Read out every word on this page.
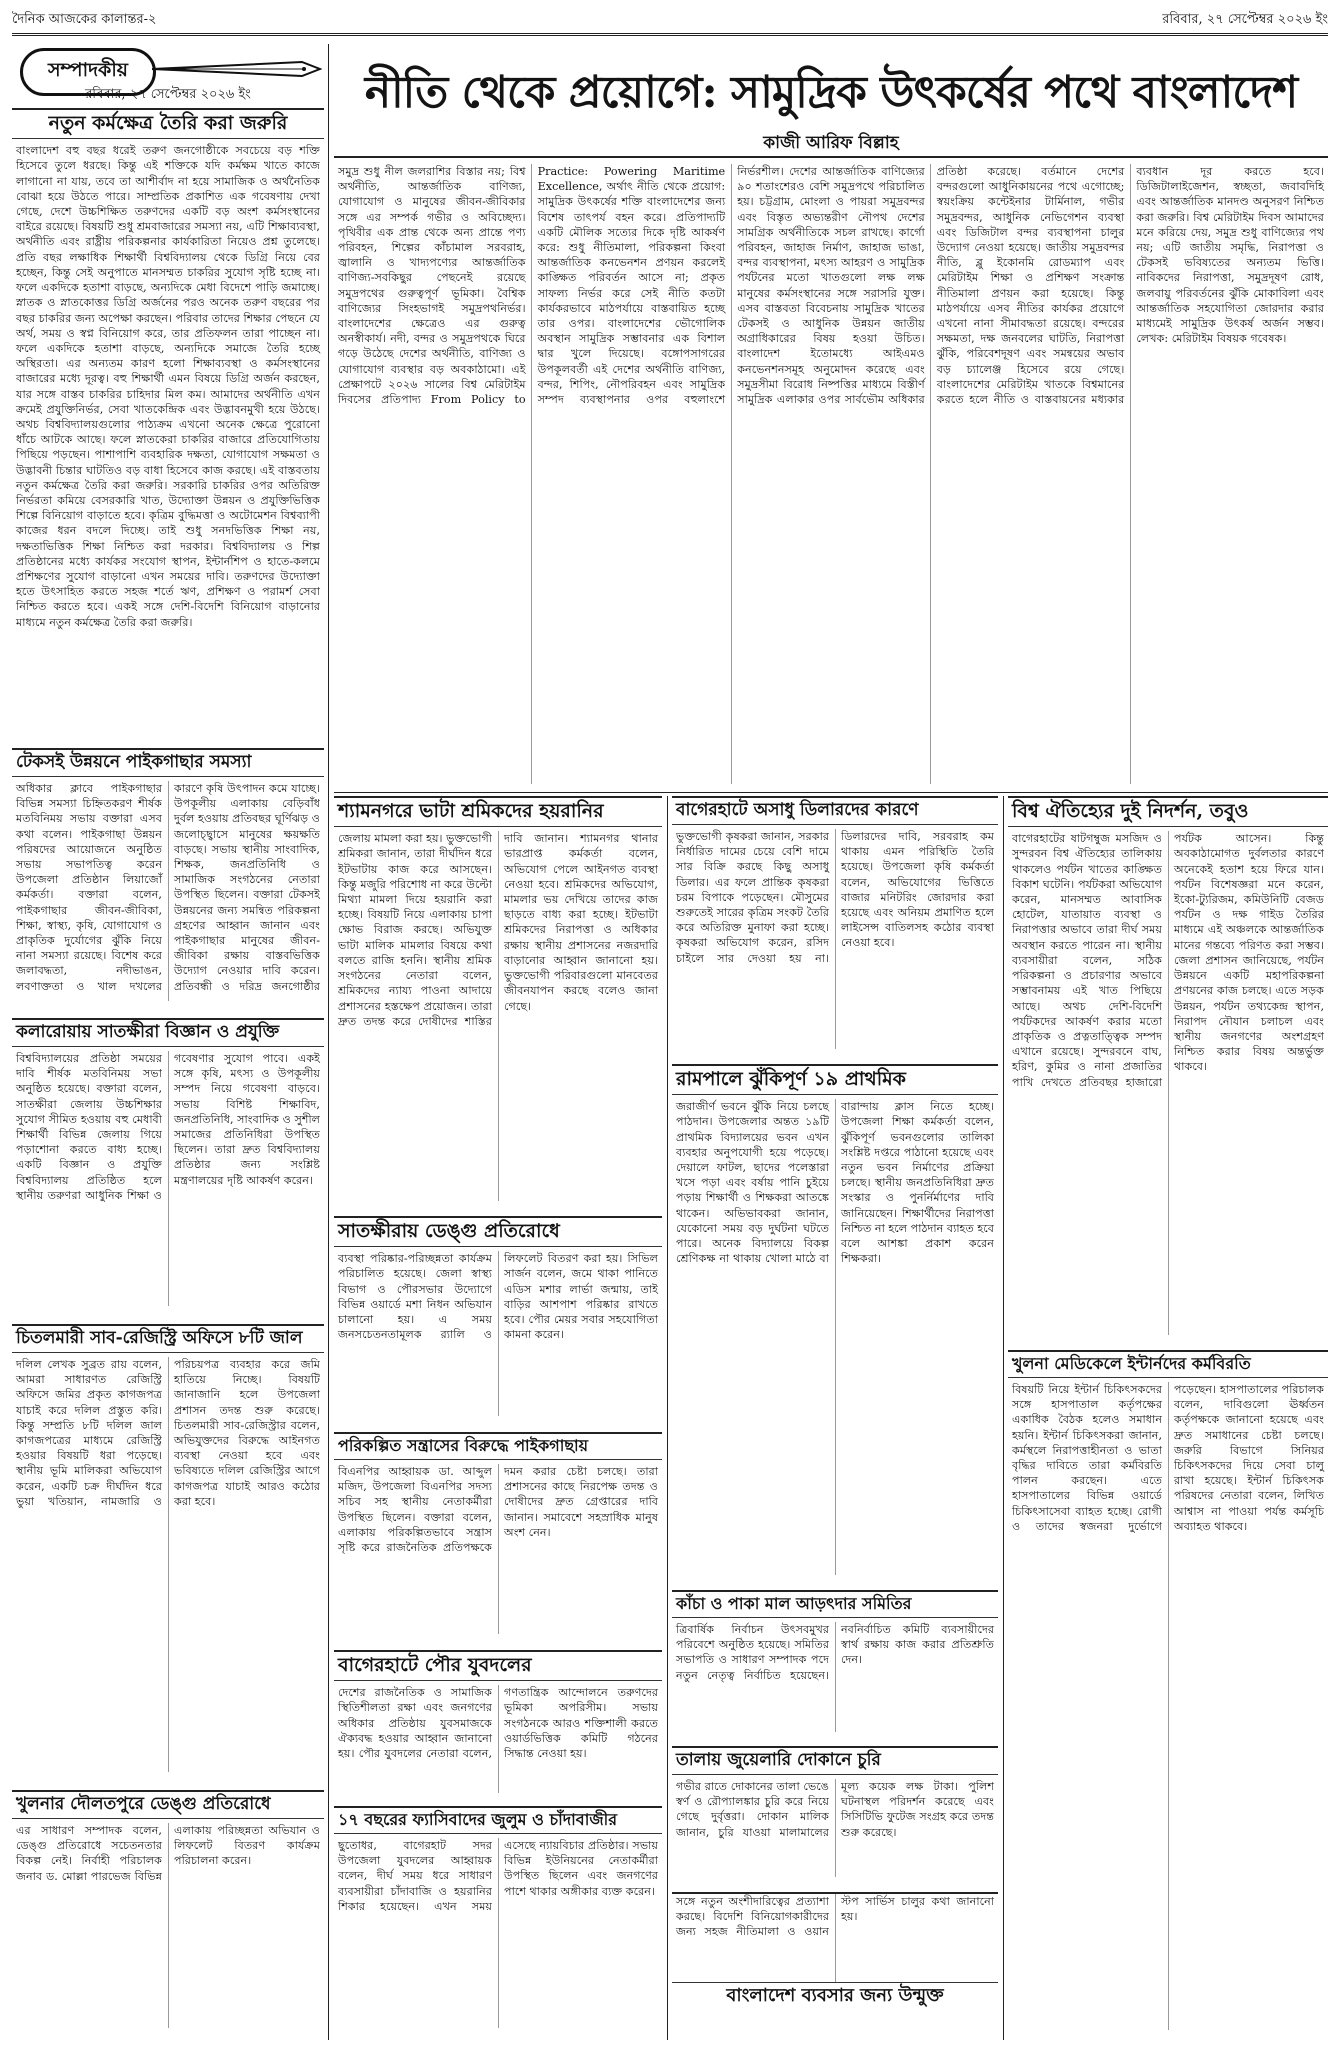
দৈনিক আজকের কালান্তর-২	রবিবার, ২৭ সেপ্টেম্বর ২০২৬ ইং
সম্পাদকীয়
রবিবার, ২৭ সেপ্টেম্বর ২০২৬ ইং	নীতি থেকে প্রয়োগে: সামুদ্রিক উৎকর্ষের পথে বাংলাদেশ
কাজী আরিফ বিল্লাহ
নতুন কর্মক্ষেত্র তৈরি করা জরুরি

বাংলাদেশ বহু বছর ধরেই তরুণ জনগোষ্ঠীকে সবচেয়ে বড় শক্তি হিসেবে তুলে ধরছে। কিন্তু এই শক্তিকে যদি কর্মক্ষম খাতে কাজে লাগানো না যায়, তবে তা আশীর্বাদ না হয়ে সামাজিক ও অর্থনৈতিক বোঝা হয়ে উঠতে পারে। সাম্প্রতিক প্রকাশিত এক গবেষণায় দেখা গেছে, দেশে উচ্চশিক্ষিত তরুণদের একটি বড় অংশ কর্মসংস্থানের বাইরে রয়েছে। বিষয়টি শুধু শ্রমবাজারের সমস্যা নয়, এটি শিক্ষাব্যবস্থা, অর্থনীতি এবং রাষ্ট্রীয় পরিকল্পনার কার্যকারিতা নিয়েও প্রশ্ন তুলেছে। প্রতি বছর লক্ষাধিক শিক্ষার্থী বিশ্ববিদ্যালয় থেকে ডিগ্রি নিয়ে বের হচ্ছেন, কিন্তু সেই অনুপাতে মানসম্মত চাকরির সুযোগ সৃষ্টি হচ্ছে না। ফলে একদিকে হতাশা বাড়ছে, অন্যদিকে মেধা বিদেশে পাড়ি জমাচ্ছে। স্নাতক ও স্নাতকোত্তর ডিগ্রি অর্জনের পরও অনেক তরুণ বছরের পর বছর চাকরির জন্য অপেক্ষা করছেন। পরিবার তাদের শিক্ষার পেছনে যে অর্থ, সময় ও স্বপ্ন বিনিয়োগ করে, তার প্রতিফলন তারা পাচ্ছেন না। ফলে একদিকে হতাশা বাড়ছে, অন্যদিকে সমাজে তৈরি হচ্ছে অস্থিরতা। এর অন্যতম কারণ হলো শিক্ষাব্যবস্থা ও কর্মসংস্থানের বাজারের মধ্যে দূরত্ব। বহু শিক্ষার্থী এমন বিষয়ে ডিগ্রি অর্জন করছেন, যার সঙ্গে বাস্তব চাকরির চাহিদার মিল কম। আমাদের অর্থনীতি এখন ক্রমেই প্রযুক্তিনির্ভর, সেবা খাতকেন্দ্রিক এবং উদ্ভাবনমুখী হয়ে উঠছে। অথচ বিশ্ববিদ্যালয়গুলোর পাঠ্যক্রম এখনো অনেক ক্ষেত্রে পুরোনো ধাঁচে আটকে আছে। ফলে স্নাতকেরা চাকরির বাজারে প্রতিযোগিতায় পিছিয়ে পড়ছেন। পাশাপাশি ব্যবহারিক দক্ষতা, যোগাযোগ সক্ষমতা ও উদ্ভাবনী চিন্তার ঘাটতিও বড় বাধা হিসেবে কাজ করছে। এই বাস্তবতায় নতুন কর্মক্ষেত্র তৈরি করা জরুরি। সরকারি চাকরির ওপর অতিরিক্ত নির্ভরতা কমিয়ে বেসরকারি খাত, উদ্যোক্তা উন্নয়ন ও প্রযুক্তিভিত্তিক শিল্পে বিনিয়োগ বাড়াতে হবে। কৃত্রিম বুদ্ধিমত্তা ও অটোমেশন বিশ্বব্যাপী কাজের ধরন বদলে দিচ্ছে। তাই শুধু সনদভিত্তিক শিক্ষা নয়, দক্ষতাভিত্তিক শিক্ষা নিশ্চিত করা দরকার। বিশ্ববিদ্যালয় ও শিল্প প্রতিষ্ঠানের মধ্যে কার্যকর সংযোগ স্থাপন, ইন্টার্নশিপ ও হাতে-কলমে প্রশিক্ষণের সুযোগ বাড়ানো এখন সময়ের দাবি। তরুণদের উদ্যোক্তা হতে উৎসাহিত করতে সহজ শর্তে ঋণ, প্রশিক্ষণ ও পরামর্শ সেবা নিশ্চিত করতে হবে। একই সঙ্গে দেশি-বিদেশি বিনিয়োগ বাড়ানোর মাধ্যমে নতুন কর্মক্ষেত্র তৈরি করা জরুরি।

সমুদ্র শুধু নীল জলরাশির বিস্তার নয়; বিশ্ব অর্থনীতি, আন্তর্জাতিক বাণিজ্য, যোগাযোগ ও মানুষের জীবন-জীবিকার সঙ্গে এর সম্পর্ক গভীর ও অবিচ্ছেদ্য। পৃথিবীর এক প্রান্ত থেকে অন্য প্রান্তে পণ্য পরিবহন, শিল্পের কাঁচামাল সরবরাহ, জ্বালানি ও খাদ্যপণ্যের আন্তর্জাতিক বাণিজ্য-সবকিছুর পেছনেই রয়েছে সমুদ্রপথের গুরুত্বপূর্ণ ভূমিকা। বৈশ্বিক বাণিজ্যের সিংহভাগই সমুদ্রপথনির্ভর। বাংলাদেশের ক্ষেত্রেও এর গুরুত্ব অনস্বীকার্য। নদী, বন্দর ও সমুদ্রপথকে ঘিরে গড়ে উঠেছে দেশের অর্থনীতি, বাণিজ্য ও যোগাযোগ ব্যবস্থার বড় অবকাঠামো। এই প্রেক্ষাপটে ২০২৬ সালের বিশ্ব মেরিটাইম দিবসের প্রতিপাদ্য From Policy to Practice: Powering Maritime Excellence, অর্থাৎ নীতি থেকে প্রয়োগ: সামুদ্রিক উৎকর্ষের শক্তি বাংলাদেশের জন্য বিশেষ তাৎপর্য বহন করে। প্রতিপাদ্যটি একটি মৌলিক সত্যের দিকে দৃষ্টি আকর্ষণ করে: শুধু নীতিমালা, পরিকল্পনা কিংবা আন্তর্জাতিক কনভেনশন প্রণয়ন করলেই কাঙ্ক্ষিত পরিবর্তন আসে না; প্রকৃত সাফল্য নির্ভর করে সেই নীতি কতটা কার্যকরভাবে মাঠপর্যায়ে বাস্তবায়িত হচ্ছে তার ওপর। বাংলাদেশের ভৌগোলিক অবস্থান সামুদ্রিক সম্ভাবনার এক বিশাল দ্বার খুলে দিয়েছে। বঙ্গোপসাগরের উপকূলবর্তী এই দেশের অর্থনীতি বাণিজ্য, বন্দর, শিপিং, নৌপরিবহন এবং সামুদ্রিক সম্পদ ব্যবস্থাপনার ওপর বহুলাংশে নির্ভরশীল। দেশের আন্তর্জাতিক বাণিজ্যের ৯০ শতাংশেরও বেশি সমুদ্রপথে পরিচালিত হয়। চট্টগ্রাম, মোংলা ও পায়রা সমুদ্রবন্দর এবং বিস্তৃত অভ্যন্তরীণ নৌপথ দেশের সামগ্রিক অর্থনীতিকে সচল রাখছে। কার্গো পরিবহন, জাহাজ নির্মাণ, জাহাজ ভাঙা, বন্দর ব্যবস্থাপনা, মৎস্য আহরণ ও সামুদ্রিক পর্যটনের মতো খাতগুলো লক্ষ লক্ষ মানুষের কর্মসংস্থানের সঙ্গে সরাসরি যুক্ত। এসব বাস্তবতা বিবেচনায় সামুদ্রিক খাতের টেকসই ও আধুনিক উন্নয়ন জাতীয় অগ্রাধিকারের বিষয় হওয়া উচিত। বাংলাদেশ ইতোমধ্যে আইএমও কনভেনশনসমূহ অনুমোদন করেছে এবং সমুদ্রসীমা বিরোধ নিষ্পত্তির মাধ্যমে বিস্তীর্ণ সামুদ্রিক এলাকার ওপর সার্বভৌম অধিকার প্রতিষ্ঠা করেছে। বর্তমানে দেশের বন্দরগুলো আধুনিকায়নের পথে এগোচ্ছে; স্বয়ংক্রিয় কন্টেইনার টার্মিনাল, গভীর সমুদ্রবন্দর, আধুনিক নেভিগেশন ব্যবস্থা এবং ডিজিটাল বন্দর ব্যবস্থাপনা চালুর উদ্যোগ নেওয়া হয়েছে। জাতীয় সমুদ্রবন্দর নীতি, ব্লু ইকোনমি রোডম্যাপ এবং মেরিটাইম শিক্ষা ও প্রশিক্ষণ সংক্রান্ত নীতিমালা প্রণয়ন করা হয়েছে। কিন্তু মাঠপর্যায়ে এসব নীতির কার্যকর প্রয়োগে এখনো নানা সীমাবদ্ধতা রয়েছে। বন্দরের সক্ষমতা, দক্ষ জনবলের ঘাটতি, নিরাপত্তা ঝুঁকি, পরিবেশদূষণ এবং সমন্বয়ের অভাব বড় চ্যালেঞ্জ হিসেবে রয়ে গেছে। বাংলাদেশের মেরিটাইম খাতকে বিশ্বমানের করতে হলে নীতি ও বাস্তবায়নের মধ্যকার ব্যবধান দূর করতে হবে। ডিজিটালাইজেশন, স্বচ্ছতা, জবাবদিহি এবং আন্তর্জাতিক মানদণ্ড অনুসরণ নিশ্চিত করা জরুরি। বিশ্ব মেরিটাইম দিবস আমাদের মনে করিয়ে দেয়, সমুদ্র শুধু বাণিজ্যের পথ নয়; এটি জাতীয় সমৃদ্ধি, নিরাপত্তা ও টেকসই ভবিষ্যতের অন্যতম ভিত্তি। নাবিকদের নিরাপত্তা, সমুদ্রদূষণ রোধ, জলবায়ু পরিবর্তনের ঝুঁকি মোকাবিলা এবং আন্তর্জাতিক সহযোগিতা জোরদার করার মাধ্যমেই সামুদ্রিক উৎকর্ষ অর্জন সম্ভব। লেখক: মেরিটাইম বিষয়ক গবেষক।

টেকসই উন্নয়নে পাইকগাছার সমস্যা

অধিকার ক্লাবে পাইকগাছার বিভিন্ন সমস্যা চিহ্নিতকরণ শীর্ষক মতবিনিময় সভায় বক্তারা এসব কথা বলেন। পাইকগাছা উন্নয়ন পরিষদের আয়োজনে অনুষ্ঠিত সভায় সভাপতিত্ব করেন উপজেলা প্রতিষ্ঠান লিয়াজোঁ কর্মকর্তা। বক্তারা বলেন, পাইকগাছার জীবন-জীবিকা, শিক্ষা, স্বাস্থ্য, কৃষি, যোগাযোগ ও প্রাকৃতিক দুর্যোগের ঝুঁকি নিয়ে নানা সমস্যা রয়েছে। বিশেষ করে জলাবদ্ধতা, নদীভাঙন, লবণাক্ততা ও খাল দখলের কারণে কৃষি উৎপাদন কমে যাচ্ছে। উপকূলীয় এলাকায় বেড়িবাঁধ দুর্বল হওয়ায় প্রতিবছর ঘূর্ণিঝড় ও জলোচ্ছ্বাসে মানুষের ক্ষয়ক্ষতি বাড়ছে। সভায় স্থানীয় সাংবাদিক, শিক্ষক, জনপ্রতিনিধি ও সামাজিক সংগঠনের নেতারা উপস্থিত ছিলেন। বক্তারা টেকসই উন্নয়নের জন্য সমন্বিত পরিকল্পনা গ্রহণের আহ্বান জানান এবং পাইকগাছার মানুষের জীবন-জীবিকা রক্ষায় বাস্তবভিত্তিক উদ্যোগ নেওয়ার দাবি করেন। প্রতিবন্ধী ও দরিদ্র জনগোষ্ঠীর

কলারোয়ায় সাতক্ষীরা বিজ্ঞান ও প্রযুক্তি

বিশ্ববিদ্যালয়ের প্রতিষ্ঠা সময়ের দাবি শীর্ষক মতবিনিময় সভা অনুষ্ঠিত হয়েছে। বক্তারা বলেন, সাতক্ষীরা জেলায় উচ্চশিক্ষার সুযোগ সীমিত হওয়ায় বহু মেধাবী শিক্ষার্থী বিভিন্ন জেলায় গিয়ে পড়াশোনা করতে বাধ্য হচ্ছে। একটি বিজ্ঞান ও প্রযুক্তি বিশ্ববিদ্যালয় প্রতিষ্ঠিত হলে স্থানীয় তরুণরা আধুনিক শিক্ষা ও গবেষণার সুযোগ পাবে। একই সঙ্গে কৃষি, মৎস্য ও উপকূলীয় সম্পদ নিয়ে গবেষণা বাড়বে। সভায় বিশিষ্ট শিক্ষাবিদ, জনপ্রতিনিধি, সাংবাদিক ও সুশীল সমাজের প্রতিনিধিরা উপস্থিত ছিলেন। তারা দ্রুত বিশ্ববিদ্যালয় প্রতিষ্ঠার জন্য সংশ্লিষ্ট মন্ত্রণালয়ের দৃষ্টি আকর্ষণ করেন।

চিতলমারী সাব-রেজিস্ট্রি অফিসে ৮টি জাল

দলিল লেখক সুব্রত রায় বলেন, আমরা সাধারণত রেজিস্ট্রি অফিসে জমির প্রকৃত কাগজপত্র যাচাই করে দলিল প্রস্তুত করি। কিন্তু সম্প্রতি ৮টি দলিল জাল কাগজপত্রের মাধ্যমে রেজিস্ট্রি হওয়ার বিষয়টি ধরা পড়েছে। স্থানীয় ভূমি মালিকরা অভিযোগ করেন, একটি চক্র দীর্ঘদিন ধরে ভুয়া খতিয়ান, নামজারি ও পরিচয়পত্র ব্যবহার করে জমি হাতিয়ে নিচ্ছে। বিষয়টি জানাজানি হলে উপজেলা প্রশাসন তদন্ত শুরু করেছে। চিতলমারী সাব-রেজিস্ট্রার বলেন, অভিযুক্তদের বিরুদ্ধে আইনগত ব্যবস্থা নেওয়া হবে এবং ভবিষ্যতে দলিল রেজিস্ট্রির আগে কাগজপত্র যাচাই আরও কঠোর করা হবে।

খুলনার দৌলতপুরে ডেঙ্গু প্রতিরোধে

এর সাধারণ সম্পাদক বলেন, ডেঙ্গু প্রতিরোধে সচেতনতার বিকল্প নেই। নির্বাহী পরিচালক জনাব ড. মোল্লা পারভেজ বিভিন্ন এলাকায় পরিচ্ছন্নতা অভিযান ও লিফলেট বিতরণ কার্যক্রম পরিচালনা করেন।

শ্যামনগরে ভাটা শ্রমিকদের হয়রানির

জেলায় মামলা করা হয়। ভুক্তভোগী শ্রমিকরা জানান, তারা দীর্ঘদিন ধরে ইটভাটায় কাজ করে আসছেন। কিন্তু মজুরি পরিশোধ না করে উল্টো মিথ্যা মামলা দিয়ে হয়রানি করা হচ্ছে। বিষয়টি নিয়ে এলাকায় চাপা ক্ষোভ বিরাজ করছে। অভিযুক্ত ভাটা মালিক মামলার বিষয়ে কথা বলতে রাজি হননি। স্থানীয় শ্রমিক সংগঠনের নেতারা বলেন, শ্রমিকদের ন্যায্য পাওনা আদায়ে প্রশাসনের হস্তক্ষেপ প্রয়োজন। তারা দ্রুত তদন্ত করে দোষীদের শাস্তির দাবি জানান। শ্যামনগর থানার ভারপ্রাপ্ত কর্মকর্তা বলেন, অভিযোগ পেলে আইনগত ব্যবস্থা নেওয়া হবে। শ্রমিকদের অভিযোগ, মামলার ভয় দেখিয়ে তাদের কাজ ছাড়তে বাধ্য করা হচ্ছে। ইটভাটা শ্রমিকদের নিরাপত্তা ও অধিকার রক্ষায় স্থানীয় প্রশাসনের নজরদারি বাড়ানোর আহ্বান জানানো হয়। ভুক্তভোগী পরিবারগুলো মানবেতর জীবনযাপন করছে বলেও জানা গেছে।

সাতক্ষীরায় ডেঙ্গু প্রতিরোধে

ব্যবস্থা পরিষ্কার-পরিচ্ছন্নতা কার্যক্রম পরিচালিত হয়েছে। জেলা স্বাস্থ্য বিভাগ ও পৌরসভার উদ্যোগে বিভিন্ন ওয়ার্ডে মশা নিধন অভিযান চালানো হয়। এ সময় জনসচেতনতামূলক র‌্যালি ও লিফলেট বিতরণ করা হয়। সিভিল সার্জন বলেন, জমে থাকা পানিতে এডিস মশার লার্ভা জন্মায়, তাই বাড়ির আশপাশ পরিষ্কার রাখতে হবে। পৌর মেয়র সবার সহযোগিতা কামনা করেন।

পরিকল্পিত সন্ত্রাসের বিরুদ্ধে পাইকগাছায়

বিএনপির আহ্বায়ক ডা. আব্দুল মজিদ, উপজেলা বিএনপির সদস্য সচিব সহ স্থানীয় নেতাকর্মীরা উপস্থিত ছিলেন। বক্তারা বলেন, এলাকায় পরিকল্পিতভাবে সন্ত্রাস সৃষ্টি করে রাজনৈতিক প্রতিপক্ষকে দমন করার চেষ্টা চলছে। তারা প্রশাসনের কাছে নিরপেক্ষ তদন্ত ও দোষীদের দ্রুত গ্রেপ্তারের দাবি জানান। সমাবেশে সহস্রাধিক মানুষ অংশ নেন।

বাগেরহাটে পৌর যুবদলের

দেশের রাজনৈতিক ও সামাজিক স্থিতিশীলতা রক্ষা এবং জনগণের অধিকার প্রতিষ্ঠায় যুবসমাজকে ঐক্যবদ্ধ হওয়ার আহ্বান জানানো হয়। পৌর যুবদলের নেতারা বলেন, গণতান্ত্রিক আন্দোলনে তরুণদের ভূমিকা অপরিসীম। সভায় সংগঠনকে আরও শক্তিশালী করতে ওয়ার্ডভিত্তিক কমিটি গঠনের সিদ্ধান্ত নেওয়া হয়।

১৭ বছরের ফ্যাসিবাদের জুলুম ও চাঁদাবাজীর

ছুতোধর, বাগেরহাট সদর উপজেলা যুবদলের আহ্বায়ক বলেন, দীর্ঘ সময় ধরে সাধারণ ব্যবসায়ীরা চাঁদাবাজি ও হয়রানির শিকার হয়েছেন। এখন সময় এসেছে ন্যায়বিচার প্রতিষ্ঠার। সভায় বিভিন্ন ইউনিয়নের নেতাকর্মীরা উপস্থিত ছিলেন এবং জনগণের পাশে থাকার অঙ্গীকার ব্যক্ত করেন।

বাগেরহাটে অসাধু ডিলারদের কারণে

ভুক্তভোগী কৃষকরা জানান, সরকার নির্ধারিত দামের চেয়ে বেশি দামে সার বিক্রি করছে কিছু অসাধু ডিলার। এর ফলে প্রান্তিক কৃষকরা চরম বিপাকে পড়েছেন। মৌসুমের শুরুতেই সারের কৃত্রিম সংকট তৈরি করে অতিরিক্ত মুনাফা করা হচ্ছে। কৃষকরা অভিযোগ করেন, রসিদ চাইলে সার দেওয়া হয় না। ডিলারদের দাবি, সরবরাহ কম থাকায় এমন পরিস্থিতি তৈরি হয়েছে। উপজেলা কৃষি কর্মকর্তা বলেন, অভিযোগের ভিত্তিতে বাজার মনিটরিং জোরদার করা হয়েছে এবং অনিয়ম প্রমাণিত হলে লাইসেন্স বাতিলসহ কঠোর ব্যবস্থা নেওয়া হবে।

রামপালে ঝুঁকিপূর্ণ ১৯ প্রাথমিক

জরাজীর্ণ ভবনে ঝুঁকি নিয়ে চলছে পাঠদান। উপজেলার অন্তত ১৯টি প্রাথমিক বিদ্যালয়ের ভবন এখন ব্যবহার অনুপযোগী হয়ে পড়েছে। দেয়ালে ফাটল, ছাদের পলেস্তারা খসে পড়া এবং বর্ষায় পানি চুইয়ে পড়ায় শিক্ষার্থী ও শিক্ষকরা আতঙ্কে থাকেন। অভিভাবকরা জানান, যেকোনো সময় বড় দুর্ঘটনা ঘটতে পারে। অনেক বিদ্যালয়ে বিকল্প শ্রেণিকক্ষ না থাকায় খোলা মাঠে বা বারান্দায় ক্লাস নিতে হচ্ছে। উপজেলা শিক্ষা কর্মকর্তা বলেন, ঝুঁকিপূর্ণ ভবনগুলোর তালিকা সংশ্লিষ্ট দপ্তরে পাঠানো হয়েছে এবং নতুন ভবন নির্মাণের প্রক্রিয়া চলছে। স্থানীয় জনপ্রতিনিধিরা দ্রুত সংস্কার ও পুনর্নির্মাণের দাবি জানিয়েছেন। শিক্ষার্থীদের নিরাপত্তা নিশ্চিত না হলে পাঠদান ব্যাহত হবে বলে আশঙ্কা প্রকাশ করেন শিক্ষকরা।

কাঁচা ও পাকা মাল আড়ৎদার সমিতির

ত্রিবার্ষিক নির্বাচন উৎসবমুখর পরিবেশে অনুষ্ঠিত হয়েছে। সমিতির সভাপতি ও সাধারণ সম্পাদক পদে নতুন নেতৃত্ব নির্বাচিত হয়েছেন। নবনির্বাচিত কমিটি ব্যবসায়ীদের স্বার্থ রক্ষায় কাজ করার প্রতিশ্রুতি দেন।

তালায় জুয়েলারি দোকানে চুরি

গভীর রাতে দোকানের তালা ভেঙে স্বর্ণ ও রৌপ্যালঙ্কার চুরি করে নিয়ে গেছে দুর্বৃত্তরা। দোকান মালিক জানান, চুরি যাওয়া মালামালের মূল্য কয়েক লক্ষ টাকা। পুলিশ ঘটনাস্থল পরিদর্শন করেছে এবং সিসিটিভি ফুটেজ সংগ্রহ করে তদন্ত শুরু করেছে।

সঙ্গে নতুন অংশীদারিত্বের প্রত্যাশা করছে। বিদেশি বিনিয়োগকারীদের জন্য সহজ নীতিমালা ও ওয়ান স্টপ সার্ভিস চালুর কথা জানানো হয়।

বাংলাদেশ ব্যবসার জন্য উন্মুক্ত
বিশ্ব ঐতিহ্যের দুই নিদর্শন, তবুও

বাগেরহাটের ষাটগম্বুজ মসজিদ ও সুন্দরবন বিশ্ব ঐতিহ্যের তালিকায় থাকলেও পর্যটন খাতের কাঙ্ক্ষিত বিকাশ ঘটেনি। পর্যটকরা অভিযোগ করেন, মানসম্মত আবাসিক হোটেল, যাতায়াত ব্যবস্থা ও নিরাপত্তার অভাবে তারা দীর্ঘ সময় অবস্থান করতে পারেন না। স্থানীয় ব্যবসায়ীরা বলেন, সঠিক পরিকল্পনা ও প্রচারণার অভাবে সম্ভাবনাময় এই খাত পিছিয়ে আছে। অথচ দেশি-বিদেশি পর্যটকদের আকর্ষণ করার মতো প্রাকৃতিক ও প্রত্নতাত্ত্বিক সম্পদ এখানে রয়েছে। সুন্দরবনে বাঘ, হরিণ, কুমির ও নানা প্রজাতির পাখি দেখতে প্রতিবছর হাজারো পর্যটক আসেন। কিন্তু অবকাঠামোগত দুর্বলতার কারণে অনেকেই হতাশ হয়ে ফিরে যান। পর্যটন বিশেষজ্ঞরা মনে করেন, ইকো-ট্যুরিজম, কমিউনিটি বেজড পর্যটন ও দক্ষ গাইড তৈরির মাধ্যমে এই অঞ্চলকে আন্তর্জাতিক মানের গন্তব্যে পরিণত করা সম্ভব। জেলা প্রশাসন জানিয়েছে, পর্যটন উন্নয়নে একটি মহাপরিকল্পনা প্রণয়নের কাজ চলছে। এতে সড়ক উন্নয়ন, পর্যটন তথ্যকেন্দ্র স্থাপন, নিরাপদ নৌযান চলাচল এবং স্থানীয় জনগণের অংশগ্রহণ নিশ্চিত করার বিষয় অন্তর্ভুক্ত থাকবে।

খুলনা মেডিকেলে ইন্টার্নদের কর্মবিরতি

বিষয়টি নিয়ে ইন্টার্ন চিকিৎসকদের সঙ্গে হাসপাতাল কর্তৃপক্ষের একাধিক বৈঠক হলেও সমাধান হয়নি। ইন্টার্ন চিকিৎসকরা জানান, কর্মস্থলে নিরাপত্তাহীনতা ও ভাতা বৃদ্ধির দাবিতে তারা কর্মবিরতি পালন করছেন। এতে হাসপাতালের বিভিন্ন ওয়ার্ডে চিকিৎসাসেবা ব্যাহত হচ্ছে। রোগী ও তাদের স্বজনরা দুর্ভোগে পড়েছেন। হাসপাতালের পরিচালক বলেন, দাবিগুলো ঊর্ধ্বতন কর্তৃপক্ষকে জানানো হয়েছে এবং দ্রুত সমাধানের চেষ্টা চলছে। জরুরি বিভাগে সিনিয়র চিকিৎসকদের দিয়ে সেবা চালু রাখা হয়েছে। ইন্টার্ন চিকিৎসক পরিষদের নেতারা বলেন, লিখিত আশ্বাস না পাওয়া পর্যন্ত কর্মসূচি অব্যাহত থাকবে।
